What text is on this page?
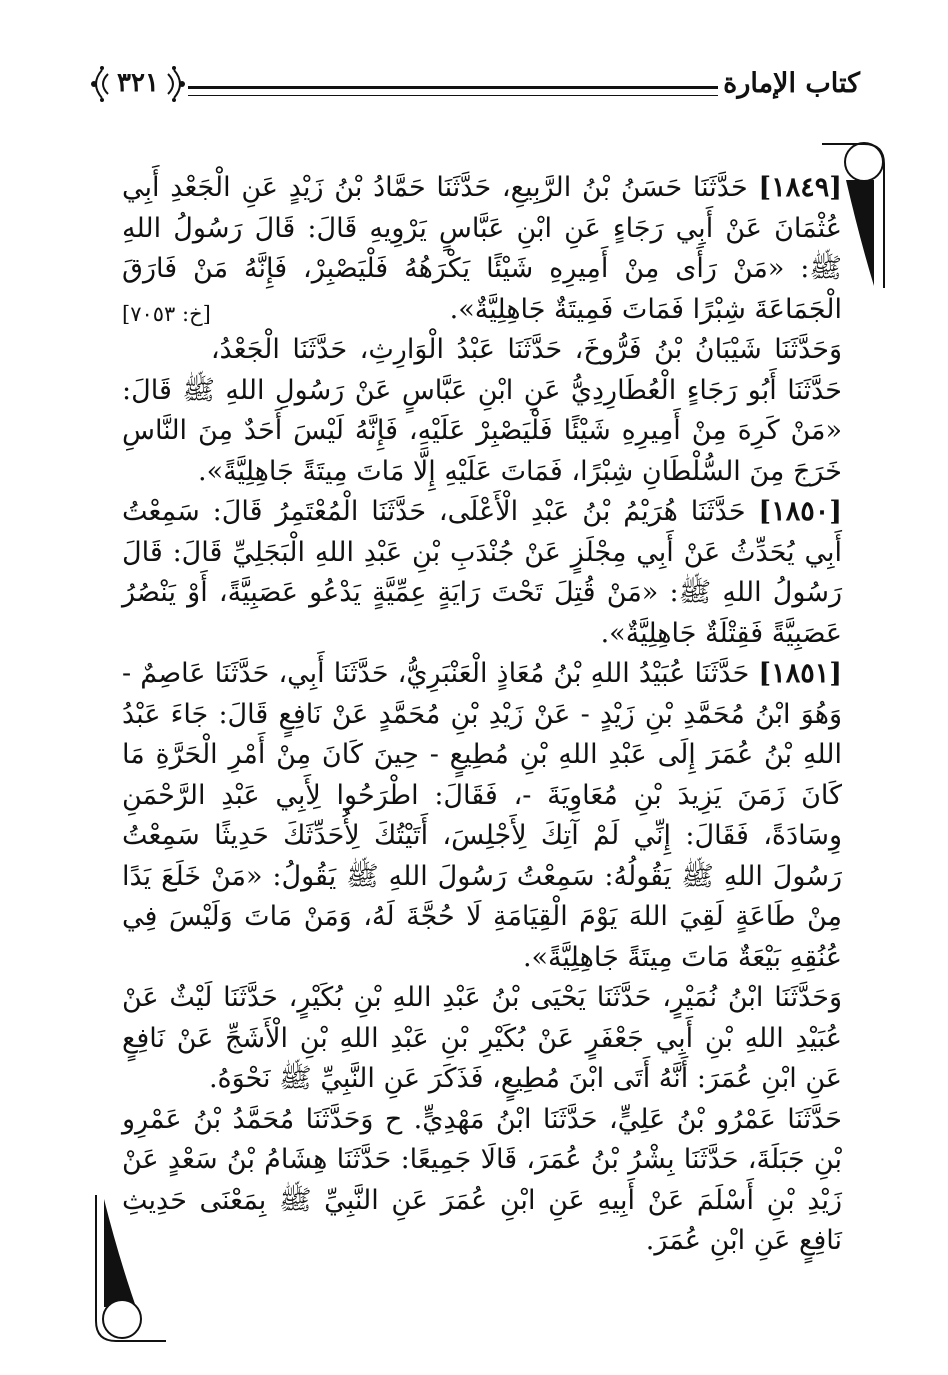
كتاب الإمارة
٣٢١

[١٨٤٩] حَدَّثَنَا حَسَنُ بْنُ الرَّبِيعِ، حَدَّثَنَا حَمَّادُ بْنُ زَيْدٍ عَنِ الْجَعْدِ أَبِي عُثْمَانَ عَنْ أَبِي رَجَاءٍ عَنِ ابْنِ عَبَّاسٍ يَرْوِيهِ قَالَ: قَالَ رَسُولُ اللهِ ﷺ: «مَنْ رَأَى مِنْ أَمِيرِهِ شَيْئًا يَكْرَهُهُ فَلْيَصْبِرْ، فَإِنَّهُ مَنْ فَارَقَ الْجَمَاعَةَ شِبْرًا فَمَاتَ فَمِيتَةٌ جَاهِلِيَّةٌ».
[خ: ٧٠٥٣]

وَحَدَّثَنَا شَيْبَانُ بْنُ فَرُّوخَ، حَدَّثَنَا عَبْدُ الْوَارِثِ، حَدَّثَنَا الْجَعْدُ، حَدَّثَنَا أَبُو رَجَاءٍ الْعُطَارِدِيُّ عَنِ ابْنِ عَبَّاسٍ عَنْ رَسُولِ اللهِ ﷺ قَالَ: «مَنْ كَرِهَ مِنْ أَمِيرِهِ شَيْئًا فَلْيَصْبِرْ عَلَيْهِ، فَإِنَّهُ لَيْسَ أَحَدٌ مِنَ النَّاسِ خَرَجَ مِنَ السُّلْطَانِ شِبْرًا، فَمَاتَ عَلَيْهِ إِلَّا مَاتَ مِيتَةً جَاهِلِيَّةً».

[١٨٥٠] حَدَّثَنَا هُرَيْمُ بْنُ عَبْدِ الْأَعْلَى، حَدَّثَنَا الْمُعْتَمِرُ قَالَ: سَمِعْتُ أَبِي يُحَدِّثُ عَنْ أَبِي مِجْلَزٍ عَنْ جُنْدَبِ بْنِ عَبْدِ اللهِ الْبَجَلِيِّ قَالَ: قَالَ رَسُولُ اللهِ ﷺ: «مَنْ قُتِلَ تَحْتَ رَايَةٍ عِمِّيَّةٍ يَدْعُو عَصَبِيَّةً، أَوْ يَنْصُرُ عَصَبِيَّةً فَقِتْلَةٌ جَاهِلِيَّةٌ».

[١٨٥١] حَدَّثَنَا عُبَيْدُ اللهِ بْنُ مُعَاذٍ الْعَنْبَرِيُّ، حَدَّثَنَا أَبِي، حَدَّثَنَا عَاصِمٌ - وَهُوَ ابْنُ مُحَمَّدِ بْنِ زَيْدٍ - عَنْ زَيْدِ بْنِ مُحَمَّدٍ عَنْ نَافِعٍ قَالَ: جَاءَ عَبْدُ اللهِ بْنُ عُمَرَ إِلَى عَبْدِ اللهِ بْنِ مُطِيعٍ - حِينَ كَانَ مِنْ أَمْرِ الْحَرَّةِ مَا كَانَ زَمَنَ يَزِيدَ بْنِ مُعَاوِيَةَ -، فَقَالَ: اطْرَحُوا لِأَبِي عَبْدِ الرَّحْمَنِ وِسَادَةً، فَقَالَ: إِنِّي لَمْ آتِكَ لِأَجْلِسَ، أَتَيْتُكَ لِأُحَدِّثَكَ حَدِيثًا سَمِعْتُ رَسُولَ اللهِ ﷺ يَقُولُهُ: سَمِعْتُ رَسُولَ اللهِ ﷺ يَقُولُ: «مَنْ خَلَعَ يَدًا مِنْ طَاعَةٍ لَقِيَ اللهَ يَوْمَ الْقِيَامَةِ لَا حُجَّةَ لَهُ، وَمَنْ مَاتَ وَلَيْسَ فِي عُنُقِهِ بَيْعَةٌ مَاتَ مِيتَةً جَاهِلِيَّةً».

وَحَدَّثَنَا ابْنُ نُمَيْرٍ، حَدَّثَنَا يَحْيَى بْنُ عَبْدِ اللهِ بْنِ بُكَيْرٍ، حَدَّثَنَا لَيْثٌ عَنْ عُبَيْدِ اللهِ بْنِ أَبِي جَعْفَرٍ عَنْ بُكَيْرِ بْنِ عَبْدِ اللهِ بْنِ الْأَشَجِّ عَنْ نَافِعٍ عَنِ ابْنِ عُمَرَ: أَنَّهُ أَتَى ابْنَ مُطِيعٍ، فَذَكَرَ عَنِ النَّبِيِّ ﷺ نَحْوَهُ.

حَدَّثَنَا عَمْرُو بْنُ عَلِيٍّ، حَدَّثَنَا ابْنُ مَهْدِيٍّ. ح وَحَدَّثَنَا مُحَمَّدُ بْنُ عَمْرِو بْنِ جَبَلَةَ، حَدَّثَنَا بِشْرُ بْنُ عُمَرَ، قَالَا جَمِيعًا: حَدَّثَنَا هِشَامُ بْنُ سَعْدٍ عَنْ زَيْدِ بْنِ أَسْلَمَ عَنْ أَبِيهِ عَنِ ابْنِ عُمَرَ عَنِ النَّبِيِّ ﷺ بِمَعْنَى حَدِيثِ نَافِعٍ عَنِ ابْنِ عُمَرَ.
